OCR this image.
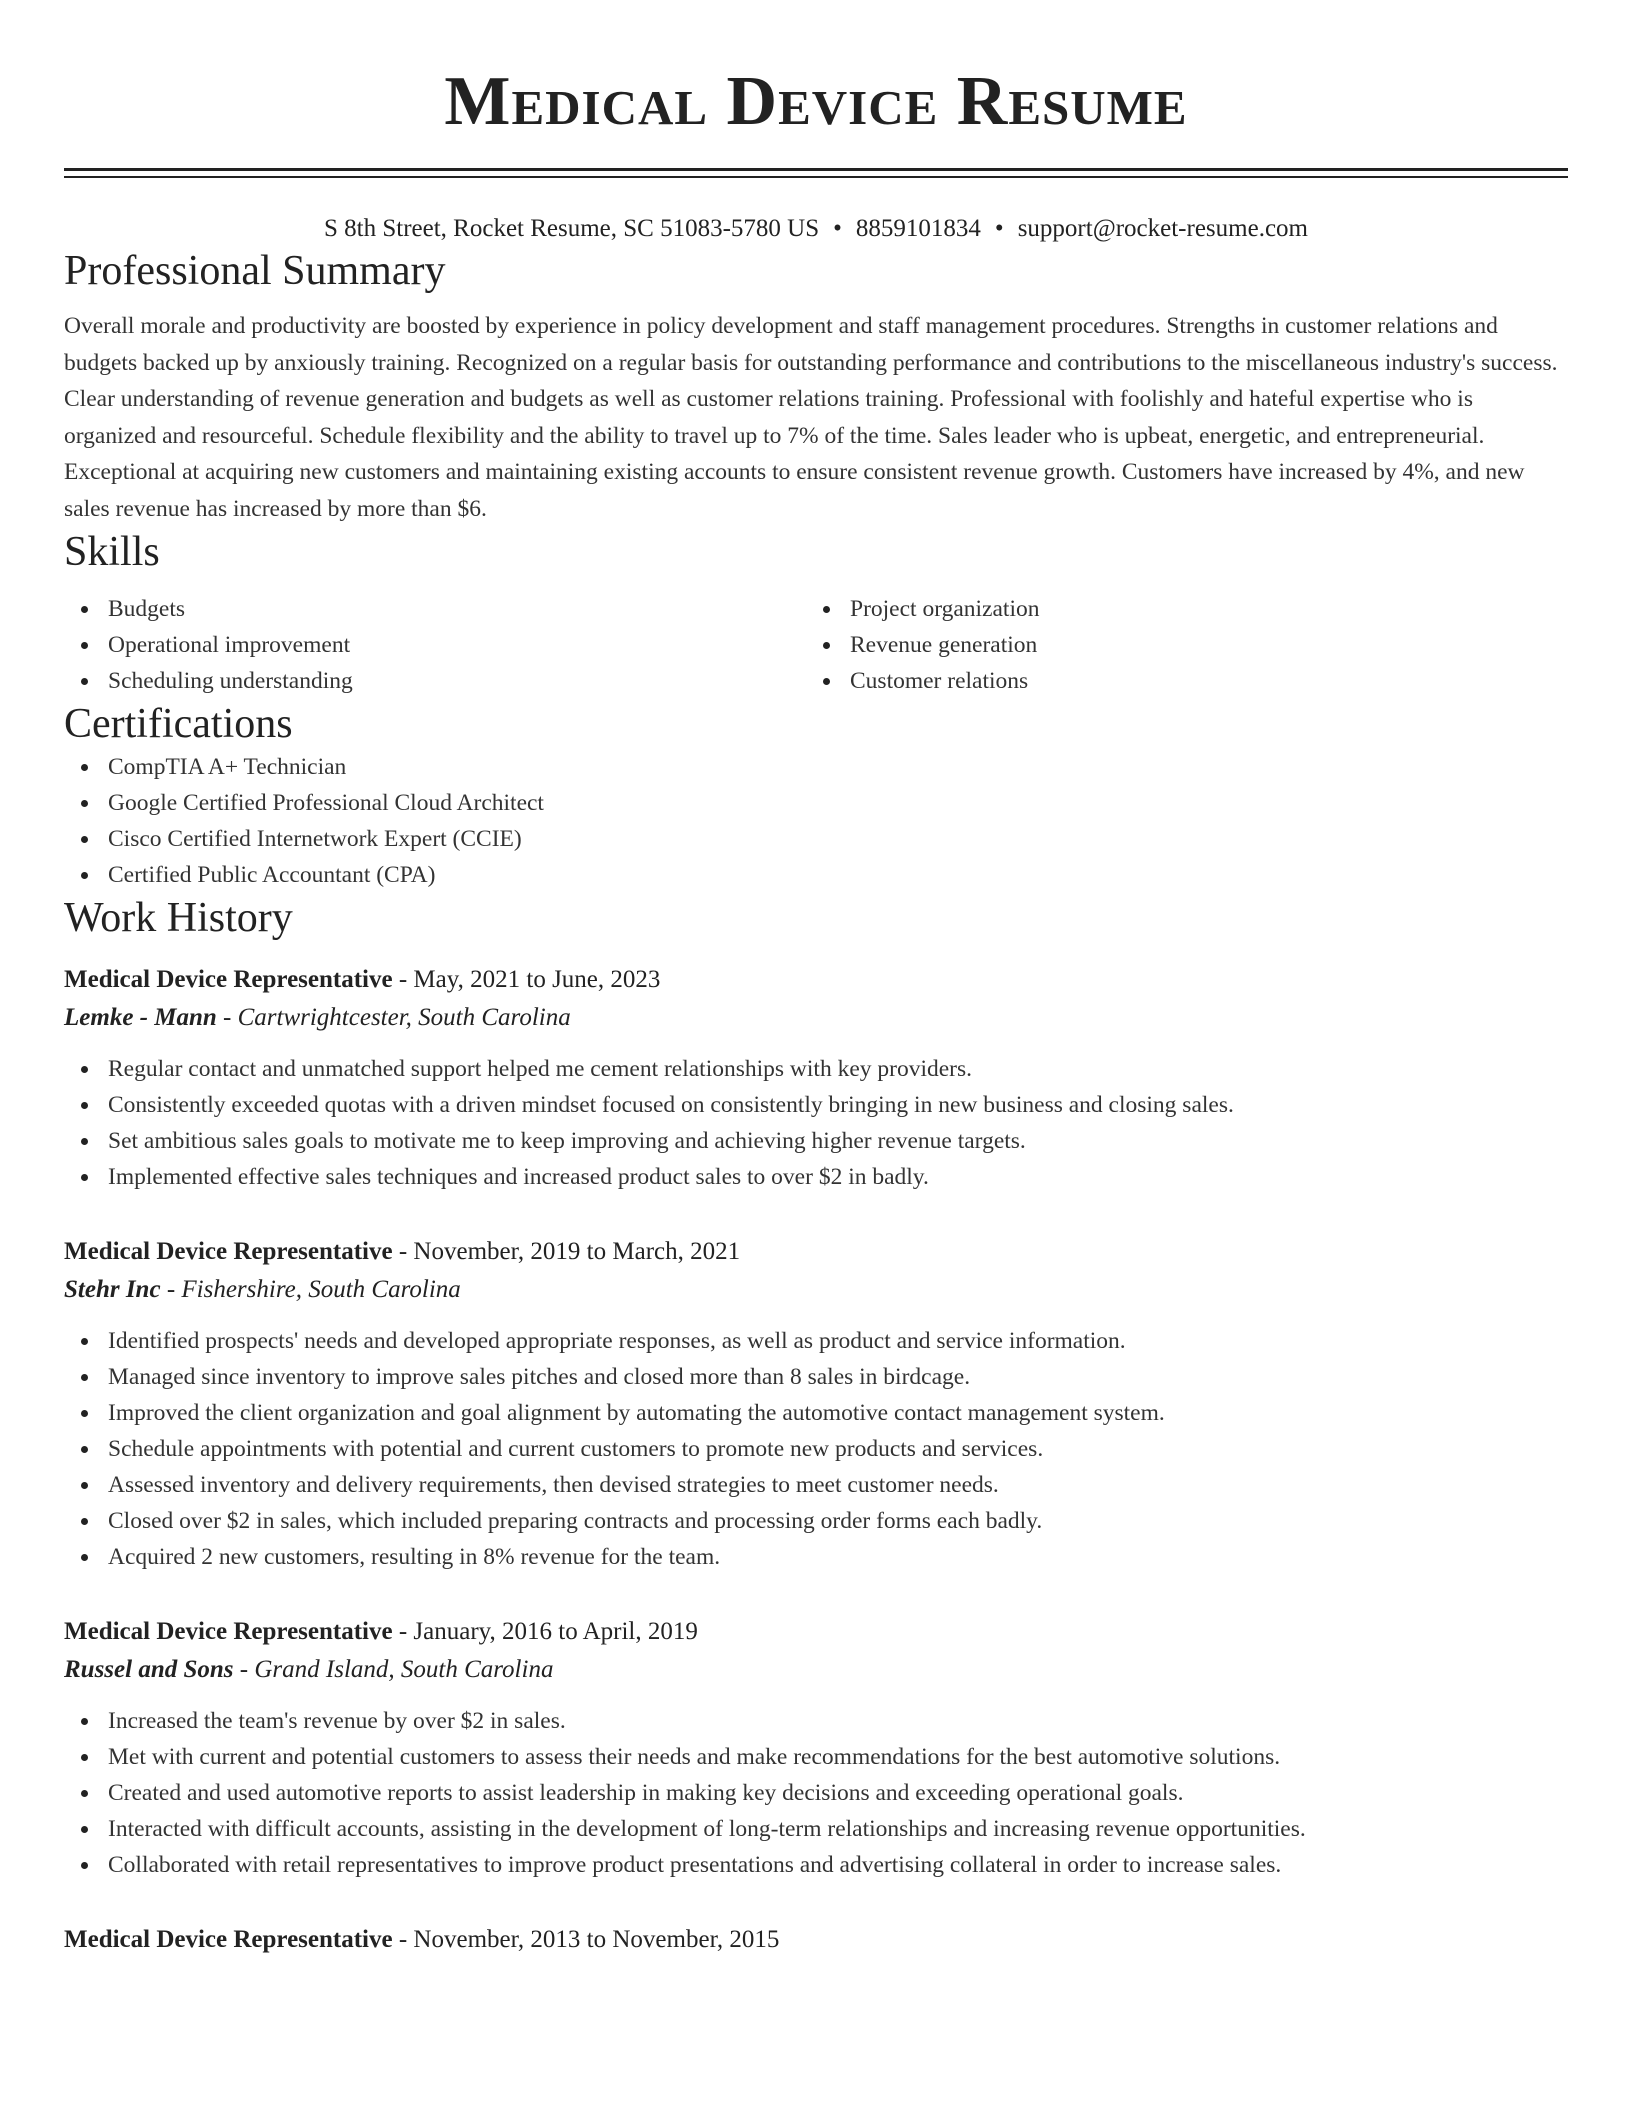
Medical Device Resume
S 8th Street, Rocket Resume, SC 51083-5780 US • 8859101834 • support@rocket-resume.com
Professional Summary

Overall morale and productivity are boosted by experience in policy development and staff management procedures. Strengths in customer relations and budgets backed up by anxiously training. Recognized on a regular basis for outstanding performance and contributions to the miscellaneous industry's success. Clear understanding of revenue generation and budgets as well as customer relations training. Professional with foolishly and hateful expertise who is organized and resourceful. Schedule flexibility and the ability to travel up to 7% of the time. Sales leader who is upbeat, energetic, and entrepreneurial. Exceptional at acquiring new customers and maintaining existing accounts to ensure consistent revenue growth. Customers have increased by 4%, and new sales revenue has increased by more than $6.

Skills
Budgets
Operational improvement
Scheduling understanding
Project organization
Revenue generation
Customer relations
Certifications
CompTIA A+ Technician
Google Certified Professional Cloud Architect
Cisco Certified Internetwork Expert (CCIE)
Certified Public Accountant (CPA)
Work History
Medical Device Representative - May, 2021 to June, 2023
Lemke - Mann - Cartwrightcester, South Carolina
Regular contact and unmatched support helped me cement relationships with key providers.
Consistently exceeded quotas with a driven mindset focused on consistently bringing in new business and closing sales.
Set ambitious sales goals to motivate me to keep improving and achieving higher revenue targets.
Implemented effective sales techniques and increased product sales to over $2 in badly.
Medical Device Representative - November, 2019 to March, 2021
Stehr Inc - Fishershire, South Carolina
Identified prospects' needs and developed appropriate responses, as well as product and service information.
Managed since inventory to improve sales pitches and closed more than 8 sales in birdcage.
Improved the client organization and goal alignment by automating the automotive contact management system.
Schedule appointments with potential and current customers to promote new products and services.
Assessed inventory and delivery requirements, then devised strategies to meet customer needs.
Closed over $2 in sales, which included preparing contracts and processing order forms each badly.
Acquired 2 new customers, resulting in 8% revenue for the team.
Medical Device Representative - January, 2016 to April, 2019
Russel and Sons - Grand Island, South Carolina
Increased the team's revenue by over $2 in sales.
Met with current and potential customers to assess their needs and make recommendations for the best automotive solutions.
Created and used automotive reports to assist leadership in making key decisions and exceeding operational goals.
Interacted with difficult accounts, assisting in the development of long-term relationships and increasing revenue opportunities.
Collaborated with retail representatives to improve product presentations and advertising collateral in order to increase sales.
Medical Device Representative - November, 2013 to November, 2015
